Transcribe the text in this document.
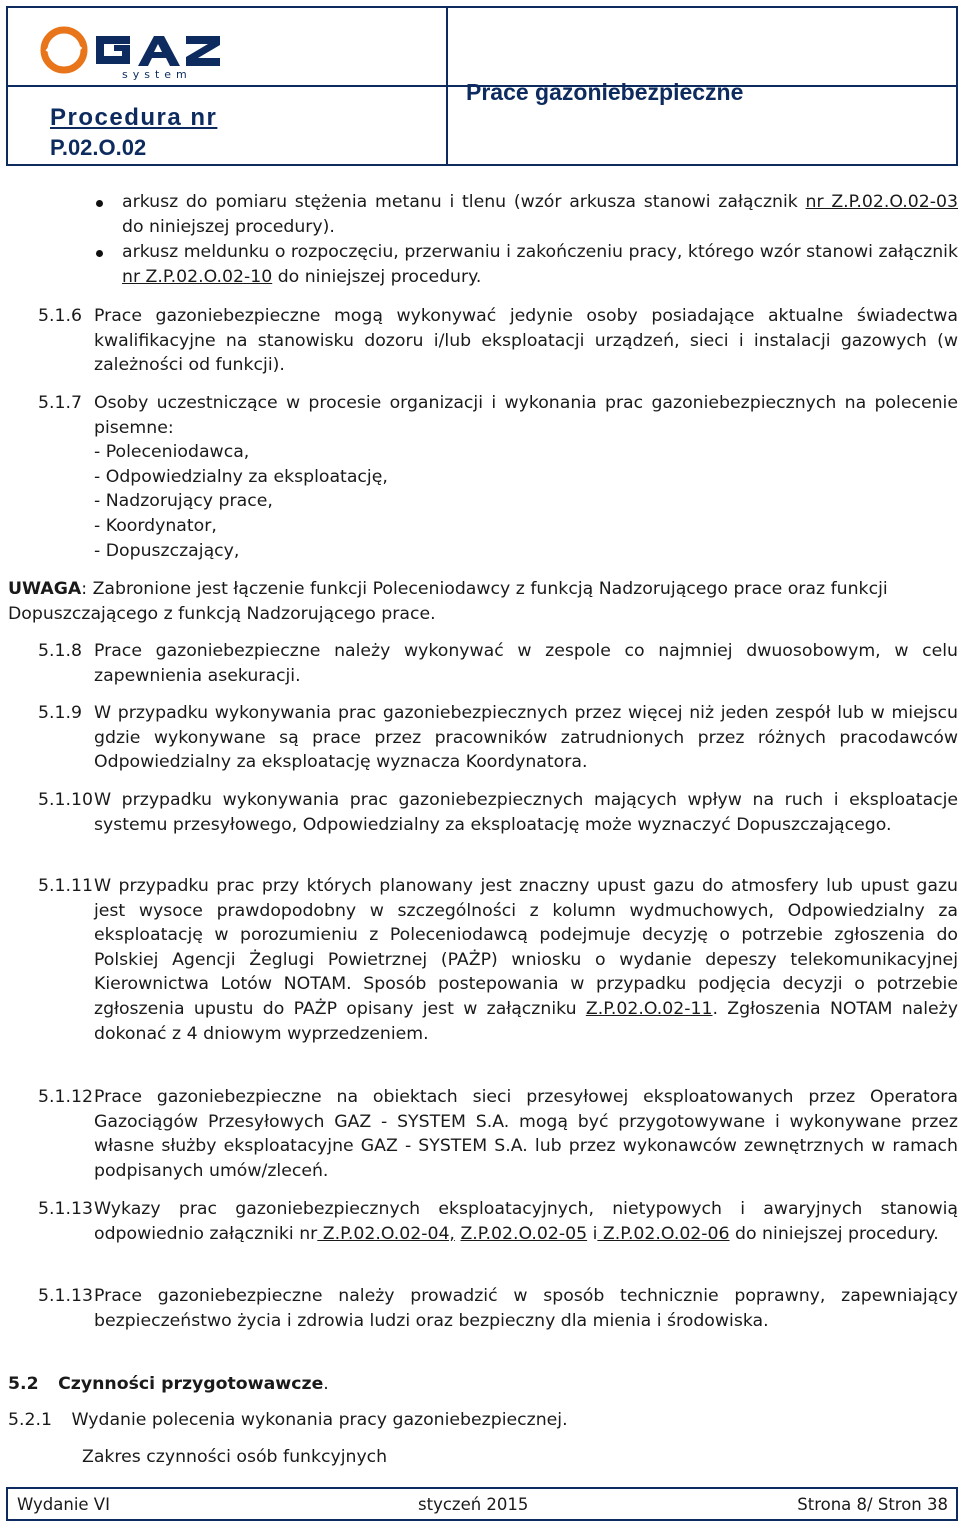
system
Procedura nr
P.02.O.02
Prace gazoniebezpieczne
arkusz do pomiaru stężenia metanu i tlenu (wzór arkusza stanowi załącznik nr Z.P.02.O.02-03 do niniejszej procedury).
arkusz meldunku o rozpoczęciu, przerwaniu i zakończeniu pracy, którego wzór stanowi załącznik nr Z.P.02.O.02-10 do niniejszej procedury.
5.1.6 Prace gazoniebezpieczne mogą wykonywać jedynie osoby posiadające aktualne świadectwa kwalifikacyjne na stanowisku dozoru i/lub eksploatacji urządzeń, sieci i instalacji gazowych (w zależności od funkcji).
5.1.7 Osoby uczestniczące w procesie organizacji i wykonania prac gazoniebezpiecznych na polecenie pisemne:
- Poleceniodawca,
- Odpowiedzialny za eksploatację,
- Nadzorujący prace,
- Koordynator,
- Dopuszczający,
UWAGA: Zabronione jest łączenie funkcji Poleceniodawcy z funkcją Nadzorującego prace oraz funkcji Dopuszczającego z funkcją Nadzorującego prace.
5.1.8 Prace gazoniebezpieczne należy wykonywać w zespole co najmniej dwuosobowym, w celu zapewnienia asekuracji.
5.1.9 W przypadku wykonywania prac gazoniebezpiecznych przez więcej niż jeden zespół lub w miejscu gdzie wykonywane są prace przez pracowników zatrudnionych przez różnych pracodawców Odpowiedzialny za eksploatację wyznacza Koordynatora.
5.1.10 W przypadku wykonywania prac gazoniebezpiecznych mających wpływ na ruch i eksploatacje systemu przesyłowego, Odpowiedzialny za eksploatację może wyznaczyć Dopuszczającego.
5.1.11 W przypadku prac przy których planowany jest znaczny upust gazu do atmosfery lub upust gazu jest wysoce prawdopodobny w szczególności z kolumn wydmuchowych, Odpowiedzialny za eksploatację w porozumieniu z Poleceniodawcą podejmuje decyzję o potrzebie zgłoszenia do Polskiej Agencji Żeglugi Powietrznej (PAŻP) wniosku o wydanie depeszy telekomunikacyjnej Kierownictwa Lotów NOTAM. Sposób postepowania w przypadku podjęcia decyzji o potrzebie zgłoszenia upustu do PAŻP opisany jest w załączniku Z.P.02.O.02-11. Zgłoszenia NOTAM należy dokonać z 4 dniowym wyprzedzeniem.
5.1.12 Prace gazoniebezpieczne na obiektach sieci przesyłowej eksploatowanych przez Operatora Gazociągów Przesyłowych GAZ - SYSTEM S.A. mogą być przygotowywane i wykonywane przez własne służby eksploatacyjne GAZ - SYSTEM S.A. lub przez wykonawców zewnętrznych w ramach podpisanych umów/zleceń.
5.1.13 Wykazy prac gazoniebezpiecznych eksploatacyjnych, nietypowych i awaryjnych stanowią odpowiednio załączniki nr Z.P.02.O.02-04, Z.P.02.O.02-05 i Z.P.02.O.02-06 do niniejszej procedury.
5.1.13 Prace gazoniebezpieczne należy prowadzić w sposób technicznie poprawny, zapewniający bezpieczeństwo życia i zdrowia ludzi oraz bezpieczny dla mienia i środowiska.
5.2 Czynności przygotowawcze.
5.2.1 Wydanie polecenia wykonania pracy gazoniebezpiecznej.
Zakres czynności osób funkcyjnych
Wydanie VI	styczeń 2015	Strona 8/ Stron 38
